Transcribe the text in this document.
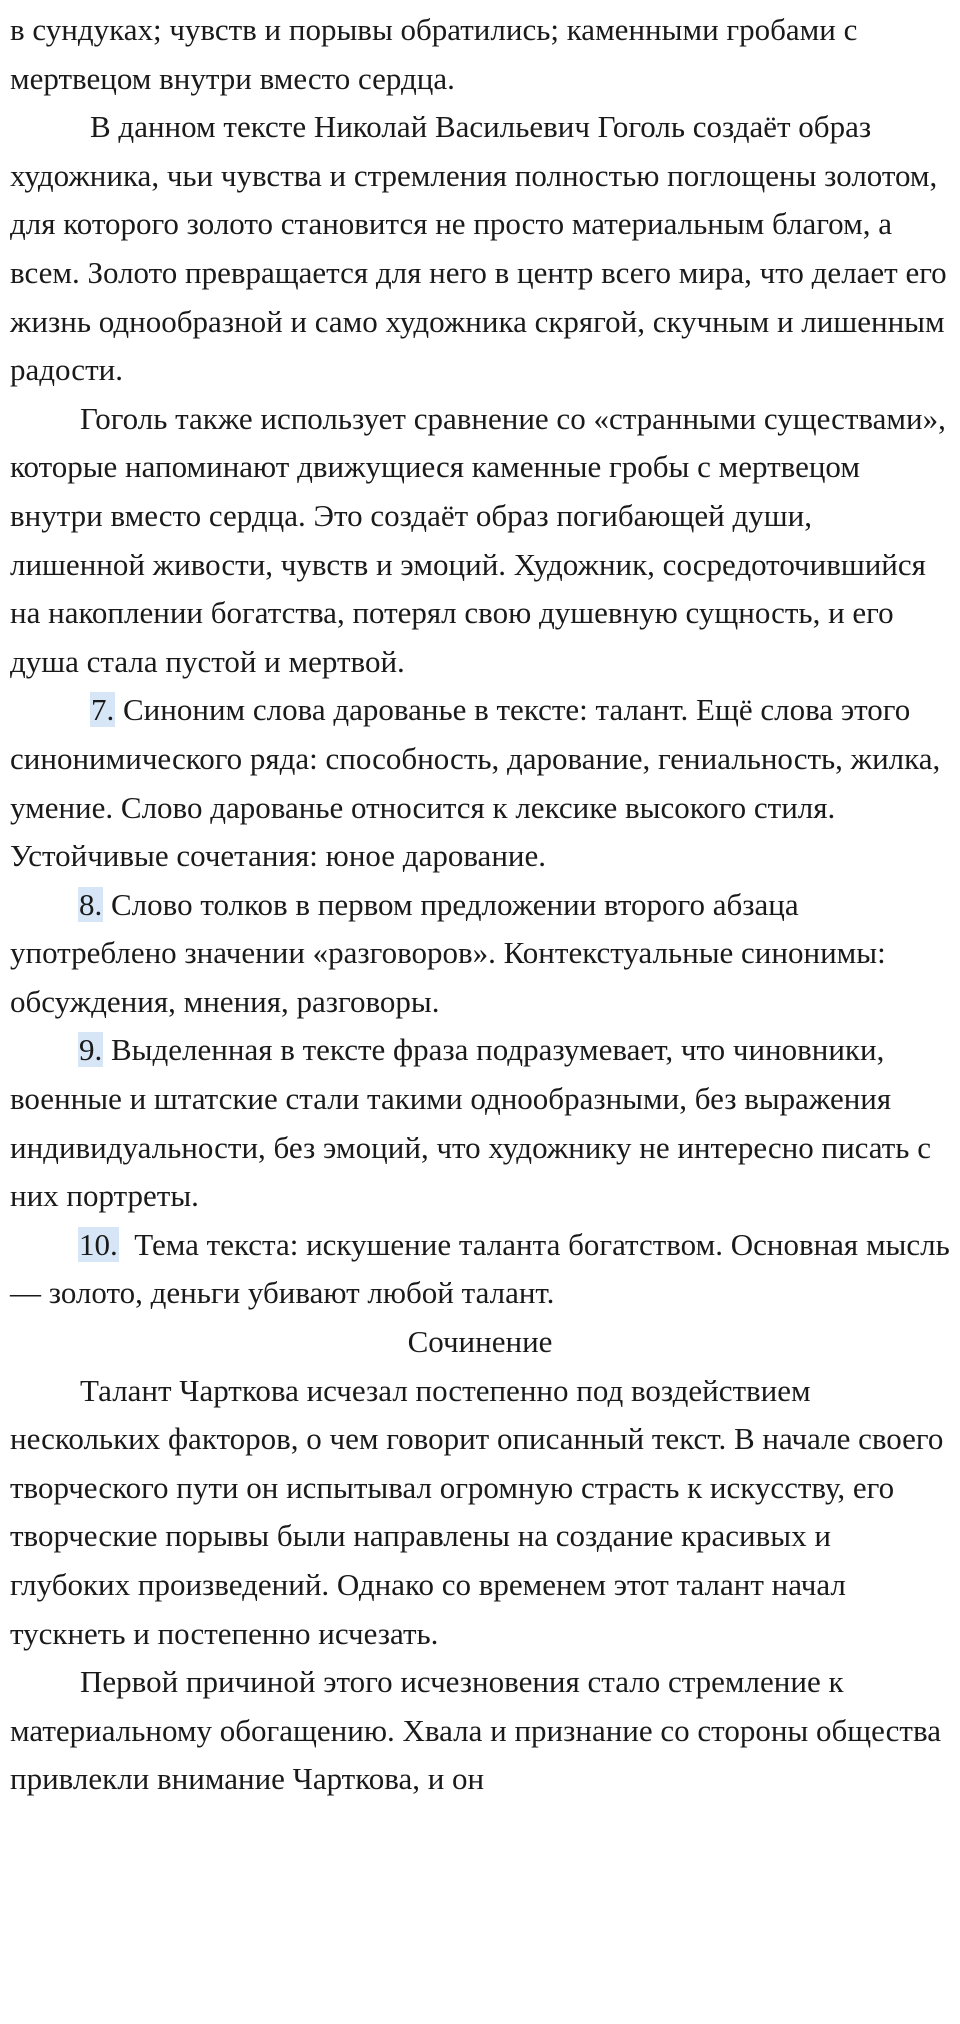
в сундуках; чувств и порывы обратились; каменными гробами с мертвецом внутри вместо сердца.

В данном тексте Николай Васильевич Гоголь создаёт образ художника, чьи чувства и стремления полностью поглощены золотом, для которого золото становится не просто материальным благом, а всем. Золото превращается для него в центр всего мира, что делает его жизнь однообразной и само художника скрягой, скучным и лишенным радости.

Гоголь также использует сравнение со «странными существами», которые напоминают движущиеся каменные гробы с мертвецом внутри вместо сердца. Это создаёт образ погибающей души, лишенной живости, чувств и эмоций. Художник, сосредоточившийся на накоплении богатства, потерял свою душевную сущность, и его душа стала пустой и мертвой.

7. Синоним слова дарованье в тексте: талант. Ещё слова этого синонимического ряда: способность, дарование, гениальность, жилка, умение. Слово дарованье относится к лексике высокого стиля. Устойчивые сочетания: юное дарование.

8. Слово толков в первом предложении второго абзаца употреблено значении «разговоров». Контекстуальные синонимы: обсуждения, мнения, разговоры.

9. Выделенная в тексте фраза подразумевает, что чиновники, военные и штатские стали такими однообразными, без выражения индивидуальности, без эмоций, что художнику не интересно писать с них портреты.

10.  Тема текста: искушение таланта богатством. Основная мысль — золото, деньги убивают любой талант.

Сочинение

Талант Чарткова исчезал постепенно под воздействием нескольких факторов, о чем говорит описанный текст. В начале своего творческого пути он испытывал огромную страсть к искусству, его творческие порывы были направлены на создание красивых и глубоких произведений. Однако со временем этот талант начал тускнеть и постепенно исчезать.

Первой причиной этого исчезновения стало стремление к материальному обогащению. Хвала и признание со стороны общества привлекли внимание Чарткова, и он
